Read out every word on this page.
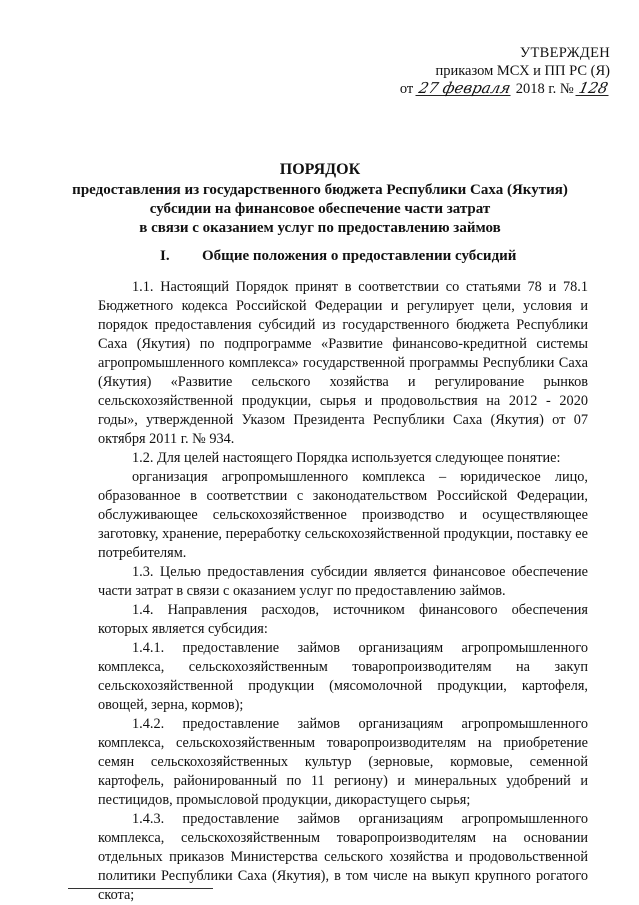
УТВЕРЖДЕН
приказом МСХ и ПП РС (Я)
от 27 февраля 2018 г. № 128
ПОРЯДОК
предоставления из государственного бюджета Республики Саха (Якутия)
субсидии на финансовое обеспечение части затрат
в связи с оказанием услуг по предоставлению займов
I. Общие положения о предоставлении субсидий

1.1. Настоящий Порядок принят в соответствии со статьями 78 и 78.1 Бюджетного кодекса Российской Федерации и регулирует цели, условия и порядок предоставления субсидий из государственного бюджета Республики Саха (Якутия) по подпрограмме «Развитие финансово-кредитной системы агропромышленного комплекса» государственной программы Республики Саха (Якутия) «Развитие сельского хозяйства и регулирование рынков сельскохозяйственной продукции, сырья и продовольствия на 2012 - 2020 годы», утвержденной Указом Президента Республики Саха (Якутия) от 07 октября 2011 г. № 934.

1.2. Для целей настоящего Порядка используется следующее понятие:

организация агропромышленного комплекса – юридическое лицо, образованное в соответствии с законодательством Российской Федерации, обслуживающее сельскохозяйственное производство и осуществляющее заготовку, хранение, переработку сельскохозяйственной продукции, поставку ее потребителям.

1.3. Целью предоставления субсидии является финансовое обеспечение части затрат в связи с оказанием услуг по предоставлению займов.

1.4. Направления расходов, источником финансового обеспечения которых является субсидия:

1.4.1. предоставление займов организациям агропромышленного комплекса, сельскохозяйственным товаропроизводителям на закуп сельскохозяйственной продукции (мясомолочной продукции, картофеля, овощей, зерна, кормов);

1.4.2. предоставление займов организациям агропромышленного комплекса, сельскохозяйственным товаропроизводителям на приобретение семян сельскохозяйственных культур (зерновые, кормовые, семенной картофель, районированный по 11 региону) и минеральных удобрений и пестицидов, промысловой продукции, дикорастущего сырья;

1.4.3. предоставление займов организациям агропромышленного комплекса, сельскохозяйственным товаропроизводителям на основании отдельных приказов Министерства сельского хозяйства и продовольственной политики Республики Саха (Якутия), в том числе на выкуп крупного рогатого скота;
